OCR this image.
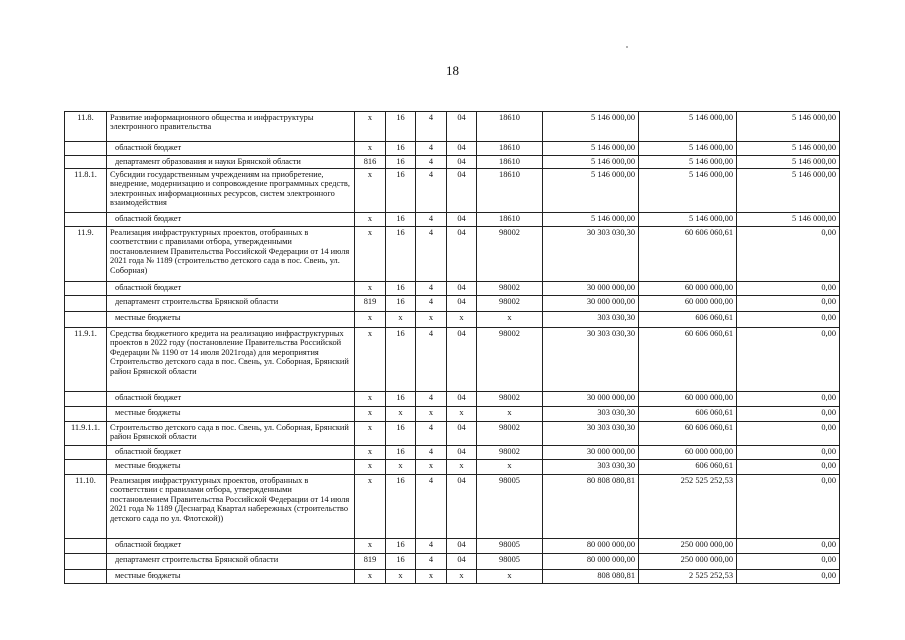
18
11.8.	Развитие информационного общества и инфраструктуры электронного правительства	х	16	4	04	18610	5 146 000,00	5 146 000,00	5 146 000,00
	областной бюджет	х	16	4	04	18610	5 146 000,00	5 146 000,00	5 146 000,00
	департамент образования и науки Брянской области	816	16	4	04	18610	5 146 000,00	5 146 000,00	5 146 000,00
11.8.1.	Субсидии государственным учреждениям на приобретение, внедрение, модернизацию и сопровождение программных средств, электронных информационных ресурсов, систем электронного взаимодействия	х	16	4	04	18610	5 146 000,00	5 146 000,00	5 146 000,00
	областной бюджет	х	16	4	04	18610	5 146 000,00	5 146 000,00	5 146 000,00
11.9.	Реализация инфраструктурных проектов, отобранных в соответствии с правилами отбора, утвержденными постановлением Правительства Российской Федерации от 14 июля 2021 года № 1189 (строительство детского сада в пос. Свень, ул. Соборная)	х	16	4	04	98002	30 303 030,30	60 606 060,61	0,00
	областной бюджет	х	16	4	04	98002	30 000 000,00	60 000 000,00	0,00
	департамент строительства Брянской области	819	16	4	04	98002	30 000 000,00	60 000 000,00	0,00
	местные бюджеты	х	х	х	х	х	303 030,30	606 060,61	0,00
11.9.1.	Средства бюджетного кредита на реализацию инфраструктурных проектов в 2022 году (постановление Правительства Российской Федерации № 1190 от 14 июля 2021года) для мероприятия Строительство детского сада в пос. Свень, ул. Соборная, Брянский район Брянской области	х	16	4	04	98002	30 303 030,30	60 606 060,61	0,00
	областной бюджет	х	16	4	04	98002	30 000 000,00	60 000 000,00	0,00
	местные бюджеты	х	х	х	х	х	303 030,30	606 060,61	0,00
11.9.1.1.	Строительство детского сада в пос. Свень, ул. Соборная, Брянский район Брянской области	х	16	4	04	98002	30 303 030,30	60 606 060,61	0,00
	областной бюджет	х	16	4	04	98002	30 000 000,00	60 000 000,00	0,00
	местные бюджеты	х	х	х	х	х	303 030,30	606 060,61	0,00
11.10.	Реализация инфраструктурных проектов, отобранных в соответствии с правилами отбора, утвержденными постановлением Правительства Российской Федерации от 14 июля 2021 года № 1189 (Деснаград Квартал набережных (строительство детского сада по ул. Флотской))	х	16	4	04	98005	80 808 080,81	252 525 252,53	0,00
	областной бюджет	х	16	4	04	98005	80 000 000,00	250 000 000,00	0,00
	департамент строительства Брянской области	819	16	4	04	98005	80 000 000,00	250 000 000,00	0,00
	местные бюджеты	х	х	х	х	х	808 080,81	2 525 252,53	0,00
